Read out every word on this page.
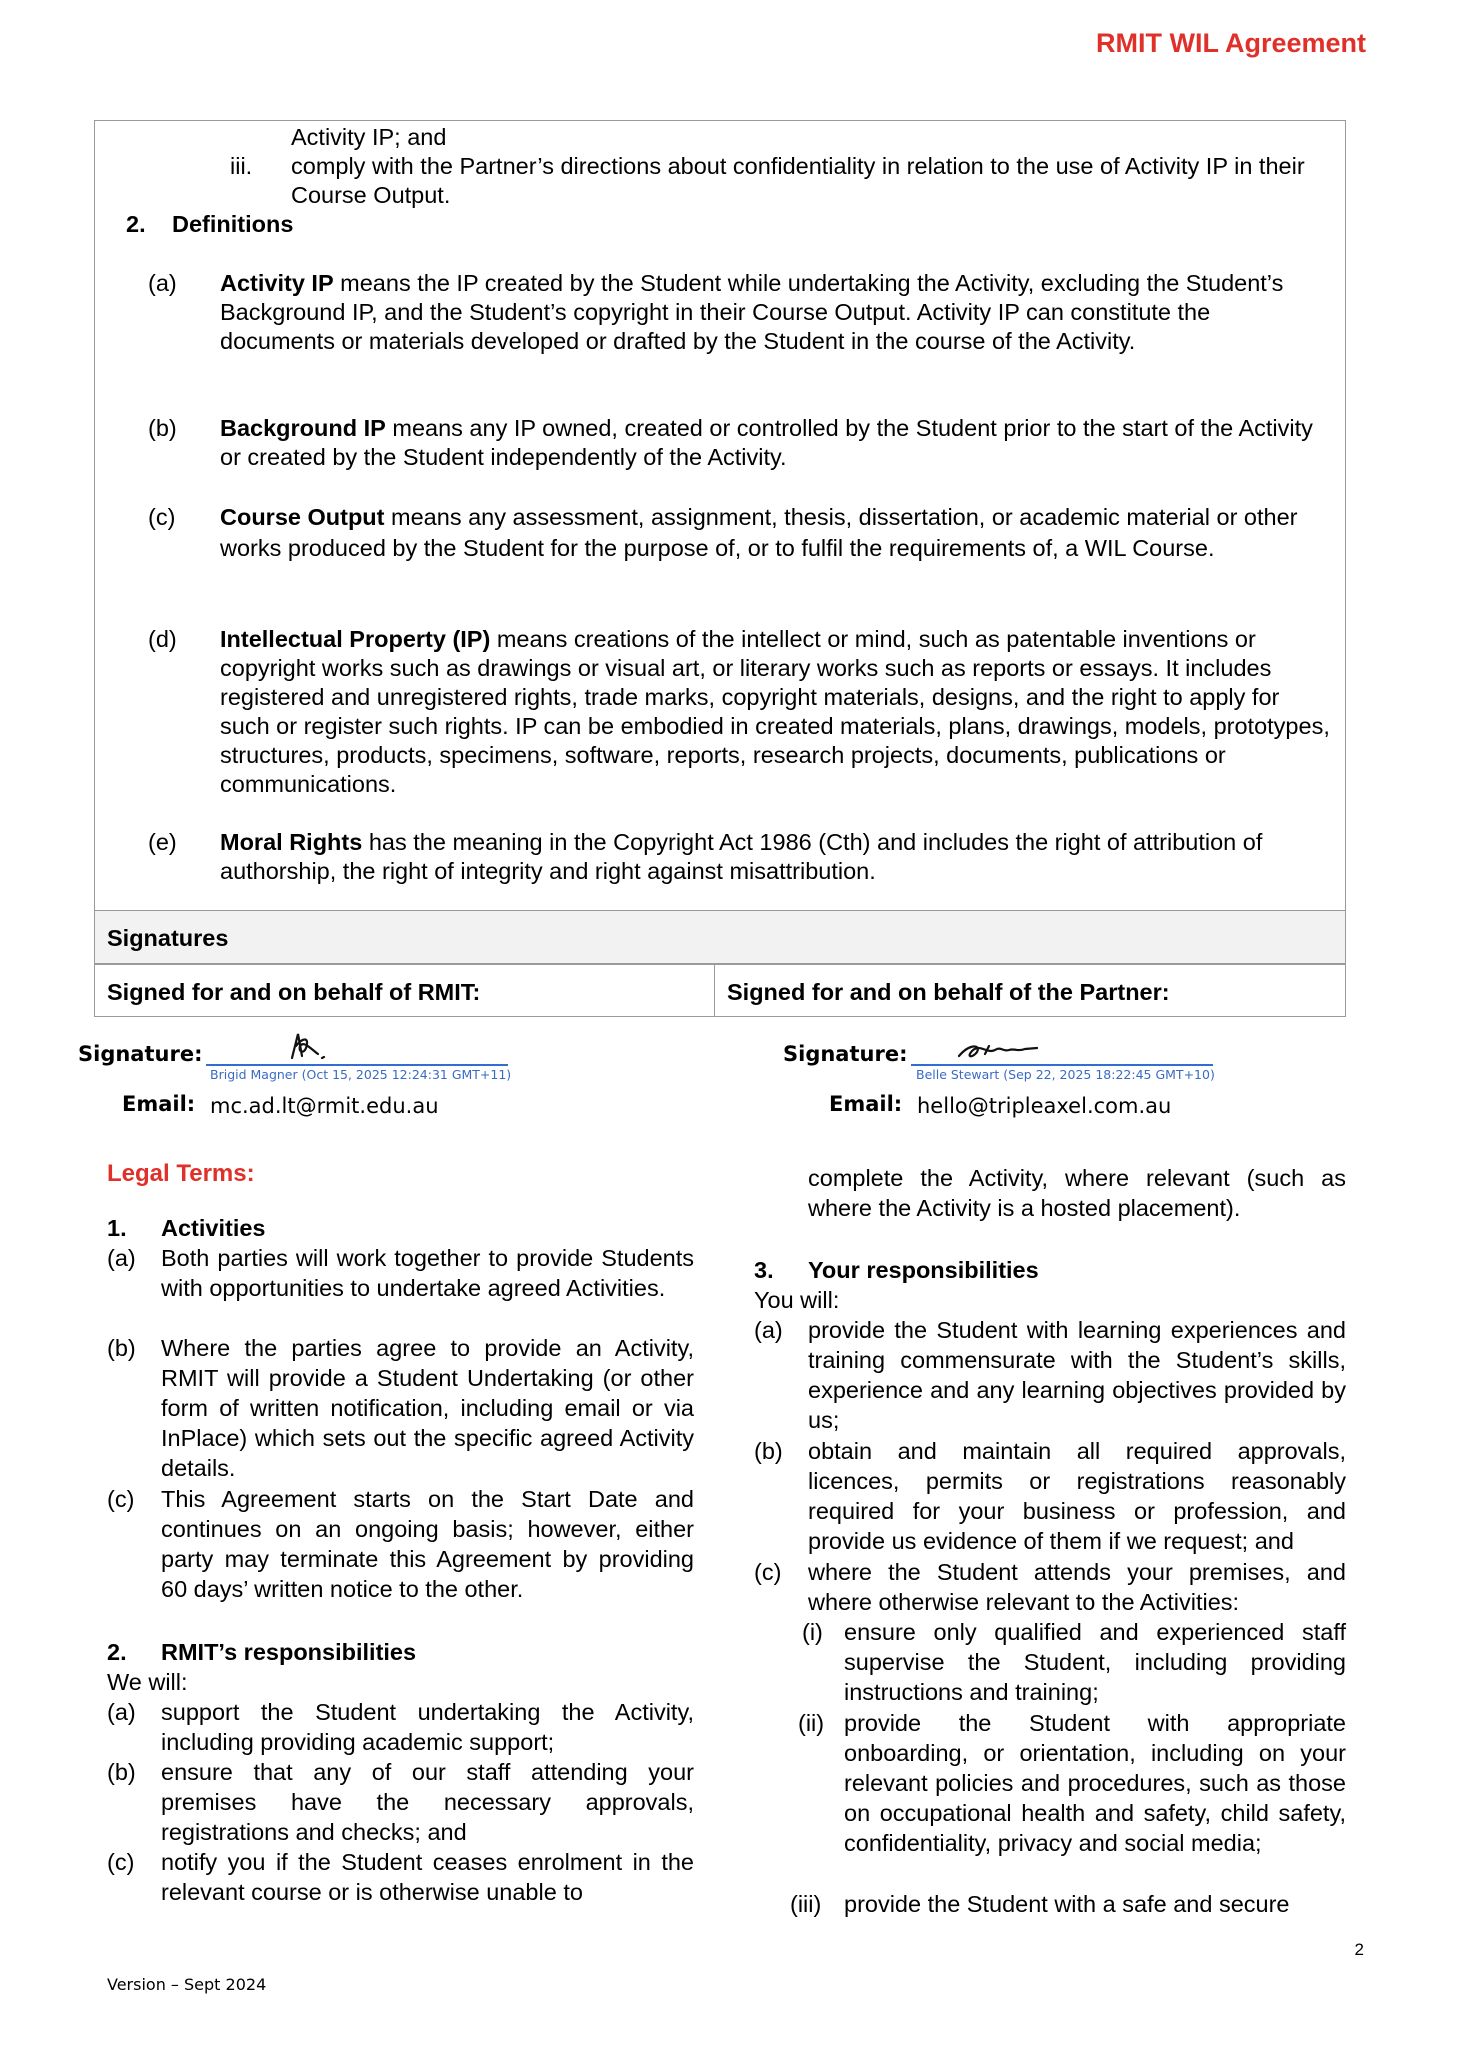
RMIT WIL Agreement
Activity IP; and
iii. comply with the Partner’s directions about confidentiality in relation to the use of Activity IP in their Course Output.
2. Definitions
(a) Activity IP means the IP created by the Student while undertaking the Activity, excluding the Student’s Background IP, and the Student’s copyright in their Course Output. Activity IP can constitute the documents or materials developed or drafted by the Student in the course of the Activity.
(b) Background IP means any IP owned, created or controlled by the Student prior to the start of the Activity or created by the Student independently of the Activity.
(c) Course Output means any assessment, assignment, thesis, dissertation, or academic material or other works produced by the Student for the purpose of, or to fulfil the requirements of, a WIL Course.
(d) Intellectual Property (IP) means creations of the intellect or mind, such as patentable inventions or copyright works such as drawings or visual art, or literary works such as reports or essays. It includes registered and unregistered rights, trade marks, copyright materials, designs, and the right to apply for such or register such rights. IP can be embodied in created materials, plans, drawings, models, prototypes, structures, products, specimens, software, reports, research projects, documents, publications or communications.
(e) Moral Rights has the meaning in the Copyright Act 1986 (Cth) and includes the right of attribution of authorship, the right of integrity and right against misattribution.
Signatures
Signed for and on behalf of RMIT:	Signed for and on behalf of the Partner:
Signature:
Brigid Magner (Oct 15, 2025 12:24:31 GMT+11)
Email: mc.ad.lt@rmit.edu.au
Signature:
Belle Stewart (Sep 22, 2025 18:22:45 GMT+10)
Email: hello@tripleaxel.com.au
Legal Terms:
1. Activities
(a) Both parties will work together to provide Students with opportunities to undertake agreed Activities.
(b) Where the parties agree to provide an Activity, RMIT will provide a Student Undertaking (or other form of written notification, including email or via InPlace) which sets out the specific agreed Activity details.
(c) This Agreement starts on the Start Date and continues on an ongoing basis; however, either party may terminate this Agreement by providing 60 days’ written notice to the other.
2. RMIT’s responsibilities
We will:
(a) support the Student undertaking the Activity, including providing academic support;
(b) ensure that any of our staff attending your premises have the necessary approvals, registrations and checks; and
(c) notify you if the Student ceases enrolment in the relevant course or is otherwise unable to
complete the Activity, where relevant (such as where the Activity is a hosted placement).
3. Your responsibilities
You will:
(a) provide the Student with learning experiences and training commensurate with the Student’s skills, experience and any learning objectives provided by us;
(b) obtain and maintain all required approvals, licences, permits or registrations reasonably required for your business or profession, and provide us evidence of them if we request; and
(c) where the Student attends your premises, and where otherwise relevant to the Activities:
(i) ensure only qualified and experienced staff supervise the Student, including providing instructions and training;
(ii) provide the Student with appropriate onboarding, or orientation, including on your relevant policies and procedures, such as those on occupational health and safety, child safety, confidentiality, privacy and social media;
(iii) provide the Student with a safe and secure
2
Version – Sept 2024
